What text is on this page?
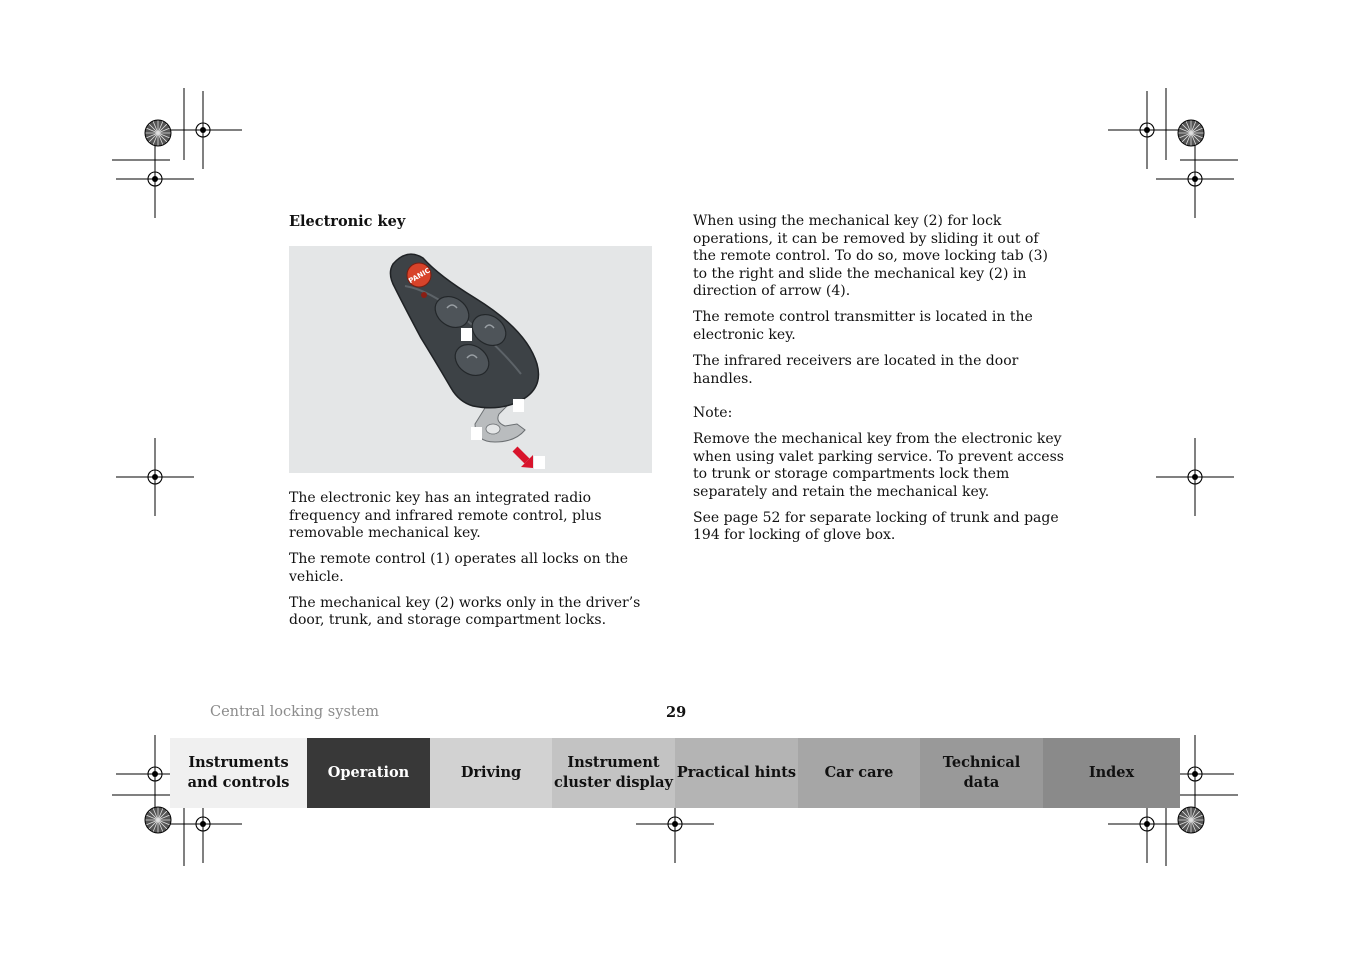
Electronic key
PANIC

The electronic key has an integrated radio frequency and infrared remote control, plus removable mechanical key.

The remote control (1) operates all locks on the vehicle.

The mechanical key (2) works only in the driver’s door, trunk, and storage compartment locks.

When using the mechanical key (2) for lock operations, it can be removed by sliding it out of the remote control. To do so, move locking tab (3) to the right and slide the mechanical key (2) in direction of arrow (4).

The remote control transmitter is located in the electronic key.

The infrared receivers are located in the door handles.

Note:

Remove the mechanical key from the electronic key when using valet parking service. To prevent access to trunk or storage compartments lock them separately and retain the mechanical key.

See page 52 for separate locking of trunk and page 194 for locking of glove box.

Central locking system	29
Instruments
and controls
Operation	Driving
Instrument
cluster display
Practical hints	Car care
Technical
data
Index
